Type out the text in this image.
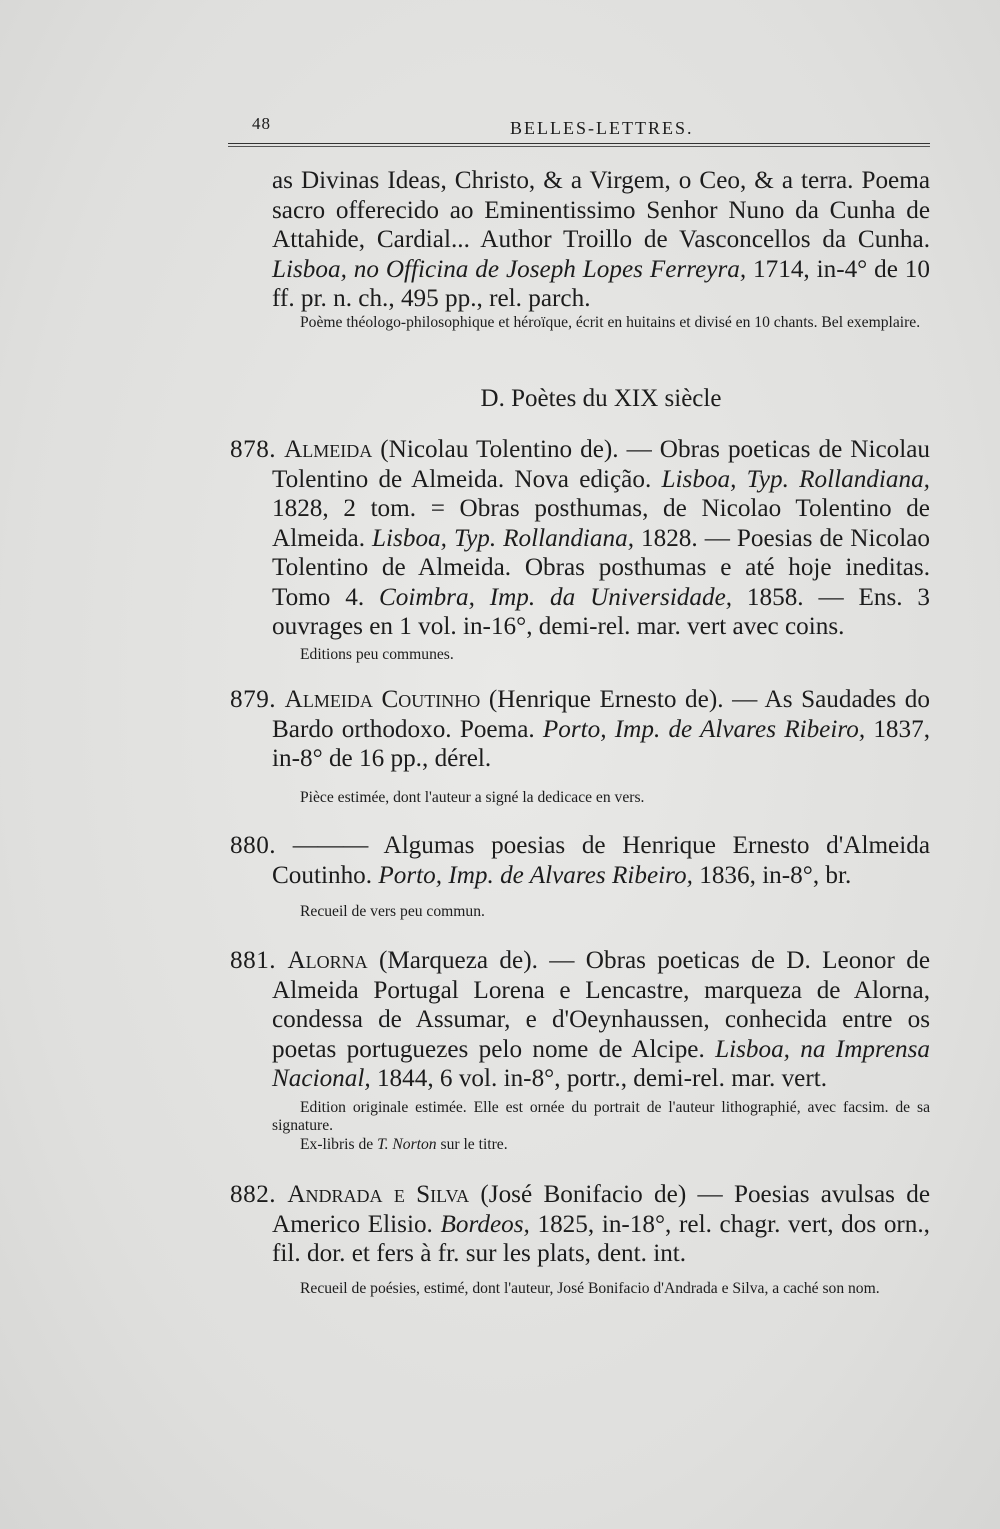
48	BELLES-LETTRES.

as Divinas Ideas, Christo, & a Virgem, o Ceo, & a terra. Poema sacro offerecido ao Eminentissimo Senhor Nuno da Cunha de Attahide, Cardial... Author Troillo de Vasconcellos da Cunha. Lisboa, no Officina de Joseph Lopes Ferreyra, 1714, in-4° de 10 ff. pr. n. ch., 495 pp., rel. parch.

Poème théologo-philosophique et héroïque, écrit en huitains et divisé en 10 chants. Bel exemplaire.

D. Poètes du XIX siècle

878. Almeida (Nicolau Tolentino de). — Obras poeticas de Nicolau Tolentino de Almeida. Nova edição. Lisboa, Typ. Rollandiana, 1828, 2 tom. = Obras posthumas, de Nicolao Tolentino de Almeida. Lisboa, Typ. Rollandiana, 1828. — Poesias de Nicolao Tolentino de Almeida. Obras posthumas e até hoje ineditas. Tomo 4. Coimbra, Imp. da Universidade, 1858. — Ens. 3 ouvrages en 1 vol. in-16°, demi-rel. mar. vert avec coins.

Editions peu communes.

879. Almeida Coutinho (Henrique Ernesto de). — As Saudades do Bardo orthodoxo. Poema. Porto, Imp. de Alvares Ribeiro, 1837, in-8° de 16 pp., dérel.

Pièce estimée, dont l'auteur a signé la dedicace en vers.

880. ——— Algumas poesias de Henrique Ernesto d'Almeida Coutinho. Porto, Imp. de Alvares Ribeiro, 1836, in-8°, br.

Recueil de vers peu commun.

881. Alorna (Marqueza de). — Obras poeticas de D. Leonor de Almeida Portugal Lorena e Lencastre, marqueza de Alorna, condessa de Assumar, e d'Oeynhaussen, conhecida entre os poetas portuguezes pelo nome de Alcipe. Lisboa, na Imprensa Nacional, 1844, 6 vol. in-8°, portr., demi-rel. mar. vert.

Edition originale estimée. Elle est ornée du portrait de l'auteur lithographié, avec facsim. de sa signature.

Ex-libris de T. Norton sur le titre.

882. Andrada e Silva (José Bonifacio de) — Poesias avulsas de Americo Elisio. Bordeos, 1825, in-18°, rel. chagr. vert, dos orn., fil. dor. et fers à fr. sur les plats, dent. int.

Recueil de poésies, estimé, dont l'auteur, José Bonifacio d'Andrada e Silva, a caché son nom.
